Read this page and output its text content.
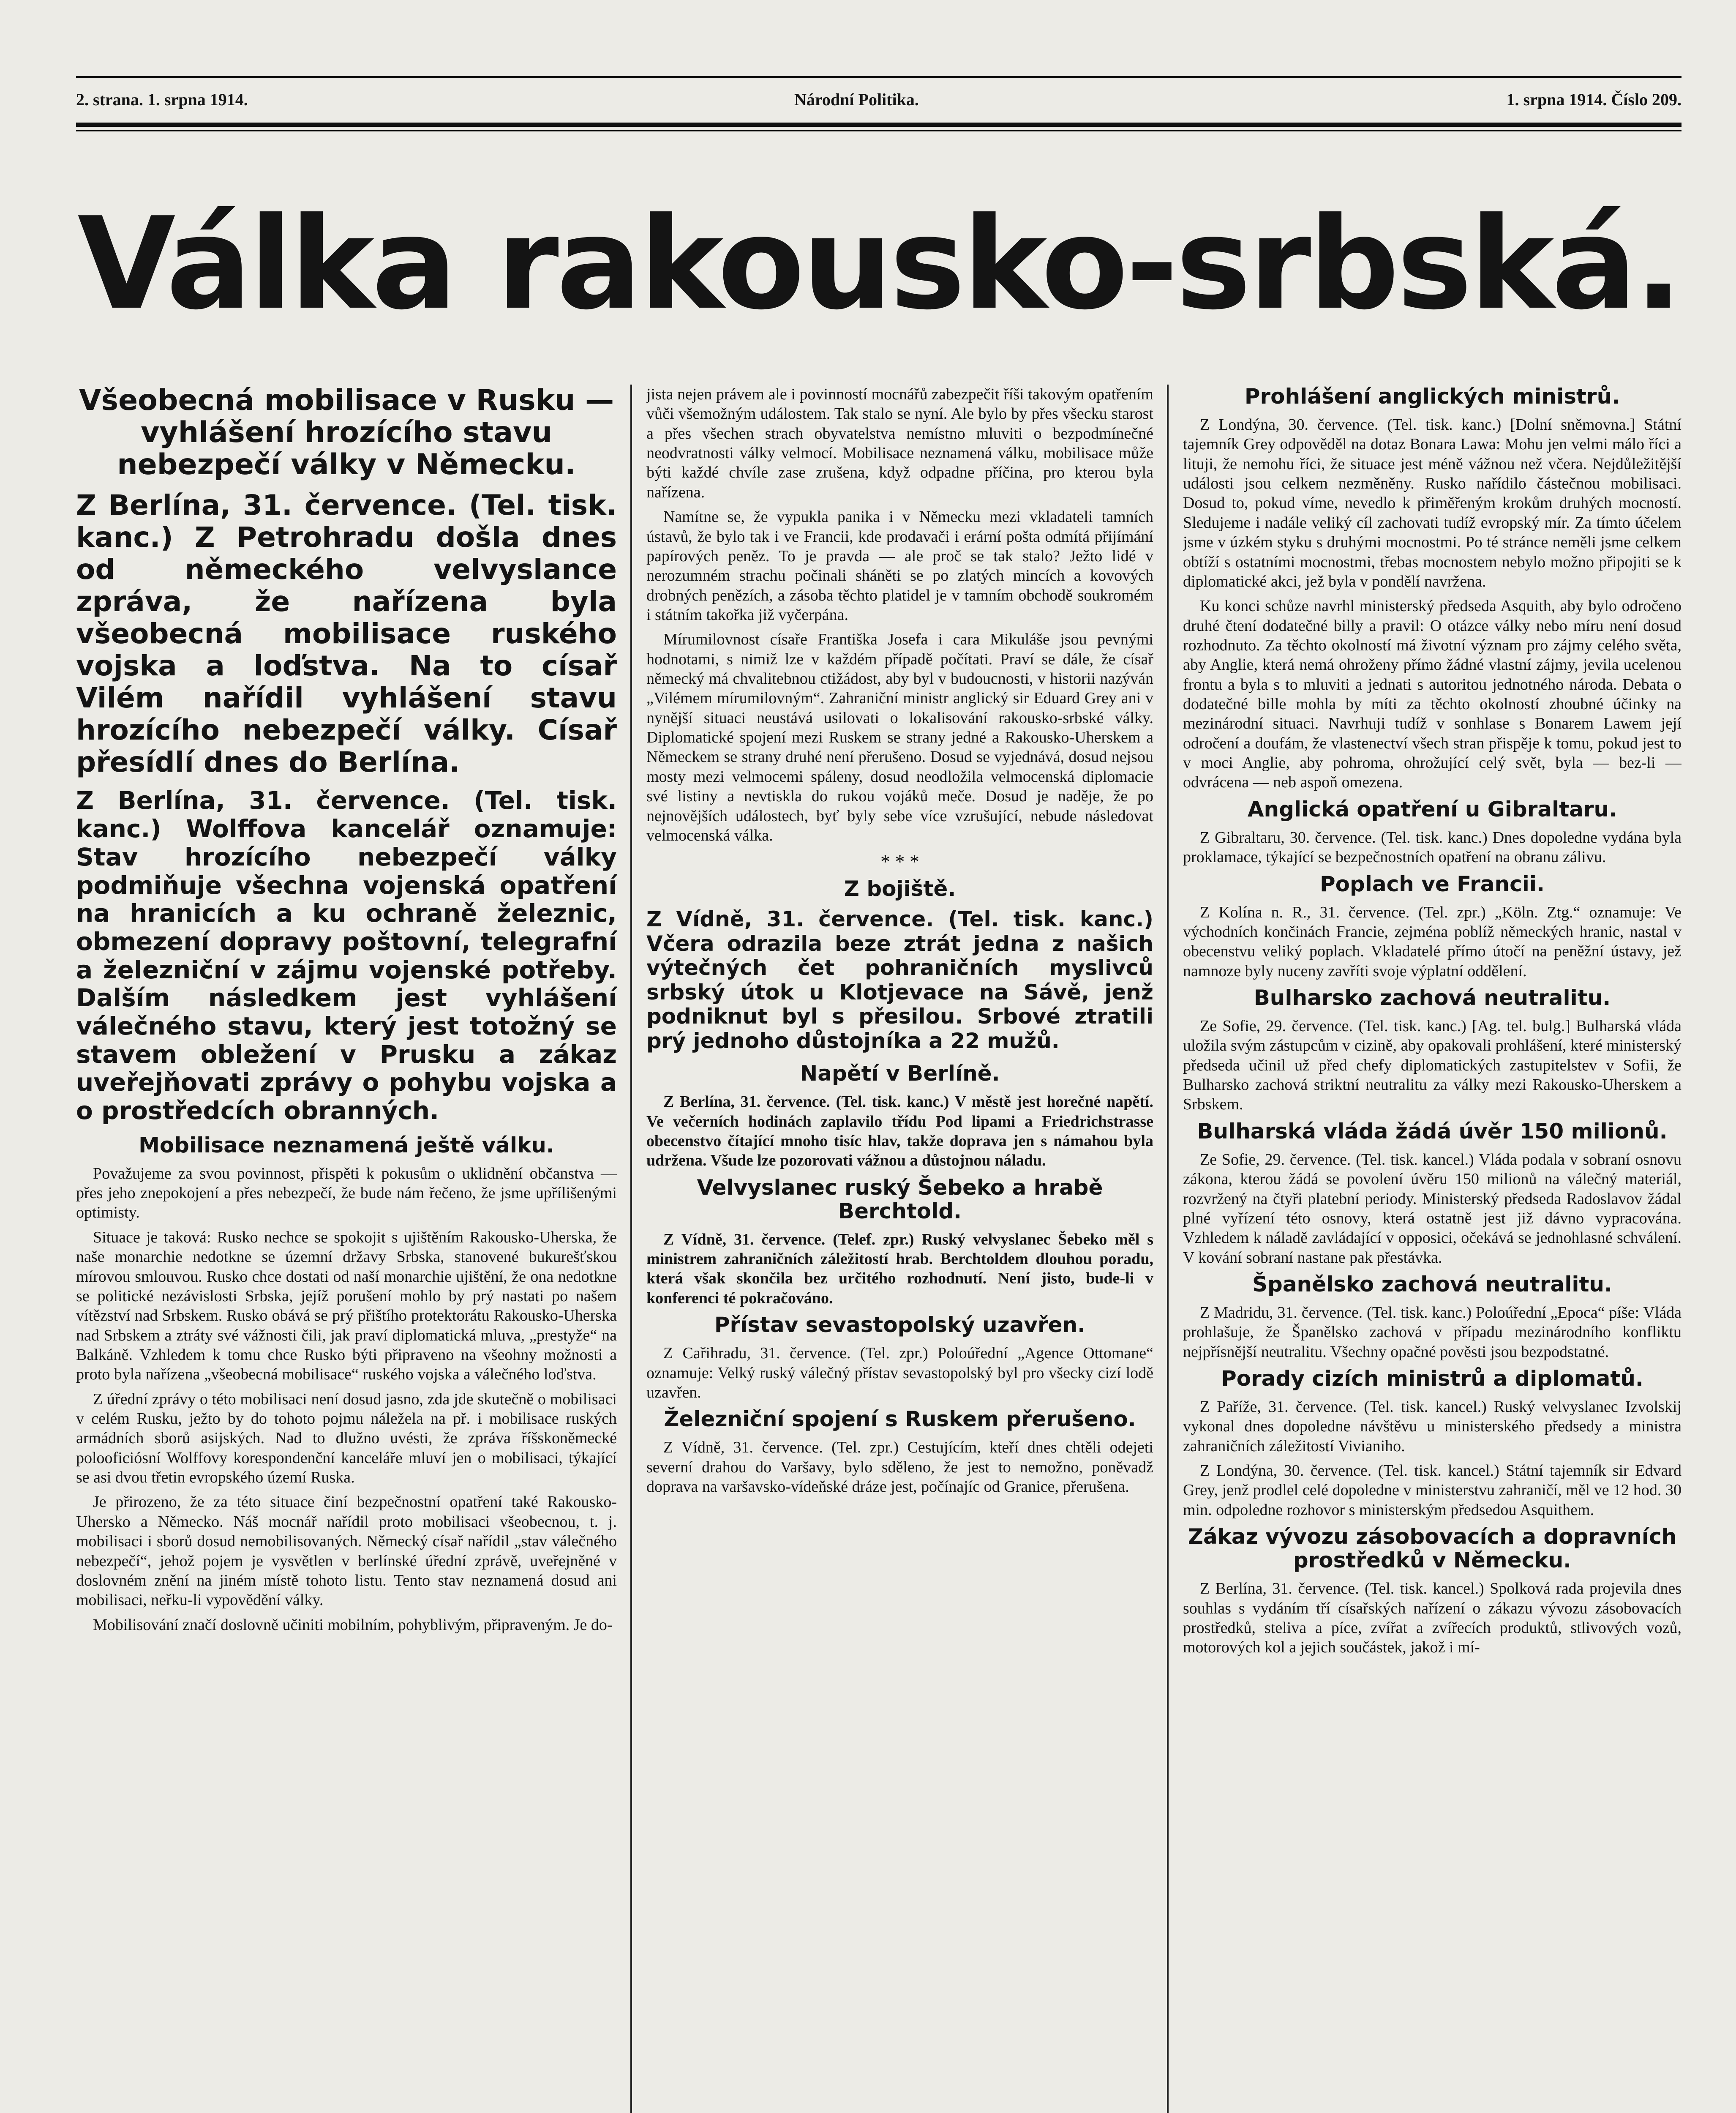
2. strana. 1. srpna 1914.	Národní Politika.	1. srpna 1914. Číslo 209.
Válka rakousko-srbská.
Všeobecná mobilisace v Rusku — vyhlášení hrozícího stavu nebezpečí války v Německu.
Z Berlína, 31. července. (Tel. tisk. kanc.) Z Petrohradu došla dnes od německého velvyslance zpráva, že nařízena byla všeobecná mobilisace ruského vojska a loďstva. Na to císař Vilém nařídil vyhlášení stavu hrozícího nebezpečí války. Císař přesídlí dnes do Berlína.
Z Berlína, 31. července. (Tel. tisk. kanc.) Wolffova kancelář oznamuje: Stav hrozícího nebezpečí války podmiňuje všechna vojenská opatření na hranicích a ku ochraně železnic, obmezení dopravy poštovní, telegrafní a železniční v zájmu vojenské potřeby. Dalším následkem jest vyhlášení válečného stavu, který jest totožný se stavem obležení v Prusku a zákaz uveřejňovati zprávy o pohybu vojska a o prostředcích obranných.
Mobilisace neznamená ještě válku.

Považujeme za svou povinnost, přispěti k pokusům o uklidnění občanstva — přes jeho znepokojení a přes nebezpečí, že bude nám řečeno, že jsme upřílišenými optimisty.

Situace je taková: Rusko nechce se spokojit s ujištěním Rakousko-Uherska, že naše monarchie nedotkne se územní državy Srbska, stanovené bukurešťskou mírovou smlouvou. Rusko chce dostati od naší monarchie ujištění, že ona nedotkne se politické nezávislosti Srbska, jejíž porušení mohlo by prý nastati po našem vítězství nad Srbskem. Rusko obává se prý přištího protektorátu Rakousko-Uherska nad Srbskem a ztráty své vážnosti čili, jak praví diplomatická mluva, „prestyže“ na Balkáně. Vzhledem k tomu chce Rusko býti připraveno na všeohny možnosti a proto byla nařízena „všeobecná mobilisace“ ruského vojska a válečného loďstva.

Z úřední zprávy o této mobilisaci není dosud jasno, zda jde skutečně o mobilisaci v celém Rusku, ježto by do tohoto pojmu náležela na př. i mobilisace ruských armádních sborů asijských. Nad to dlužno uvésti, že zpráva říšskoněmecké polooficiósní Wolffovy korespondenční kanceláře mluví jen o mobilisaci, týkající se asi dvou třetin evropského území Ruska.

Je přirozeno, že za této situace činí bezpečnostní opatření také Rakousko-Uhersko a Německo. Náš mocnář nařídil proto mobilisaci všeobecnou, t. j. mobilisaci i sborů dosud nemobilisovaných. Německý císař nařídil „stav válečného nebezpečí“, jehož pojem je vysvětlen v berlínské úřední zprávě, uveřejněné v doslovném znění na jiném místě tohoto listu. Tento stav neznamená dosud ani mobilisaci, neřku-li vypovědění války.

Mobilisování značí doslovně učiniti mobilním, pohyblivým, připraveným. Je do-

jista nejen právem ale i povinností mocnářů zabezpečit říši takovým opatřením vůči všemožným událostem. Tak stalo se nyní. Ale bylo by přes všecku starost a přes všechen strach obyvatelstva nemístno mluviti o bezpodmínečné neodvratnosti války velmocí. Mobilisace neznamená válku, mobilisace může býti každé chvíle zase zrušena, když odpadne příčina, pro kterou byla nařízena.

Namítne se, že vypukla panika i v Německu mezi vkladateli tamních ústavů, že bylo tak i ve Francii, kde prodavači i erární pošta odmítá přijímání papírových peněz. To je pravda — ale proč se tak stalo? Ježto lidé v nerozumném strachu počinali sháněti se po zlatých mincích a kovových drobných penězích, a zásoba těchto platidel je v tamním obchodě soukromém i státním takořka již vyčerpána.

Mírumilovnost císaře Františka Josefa i cara Mikuláše jsou pevnými hodnotami, s nimiž lze v každém případě počítati. Praví se dále, že císař německý má chvalitebnou ctižádost, aby byl v budoucnosti, v historii nazýván „Vilémem mírumilovným“. Zahraniční ministr anglický sir Eduard Grey ani v nynější situaci neustává usilovati o lokalisování rakousko-srbské války. Diplomatické spojení mezi Ruskem se strany jedné a Rakousko-Uherskem a Německem se strany druhé není přerušeno. Dosud se vyjednává, dosud nejsou mosty mezi velmocemi spáleny, dosud neodložila velmocenská diplomacie své listiny a nevtiskla do rukou vojáků meče. Dosud je naděje, že po nejnovějších událostech, byť byly sebe více vzrušující, nebude následovat velmocenská válka.

* * *
Z bojiště.
Z Vídně, 31. července. (Tel. tisk. kanc.) Včera odrazila beze ztrát jedna z našich výtečných čet pohraničních myslivců srbský útok u Klotjevace na Sávě, jenž podniknut byl s přesilou. Srbové ztratili prý jednoho důstojníka a 22 mužů.
Napětí v Berlíně.

Z Berlína, 31. července. (Tel. tisk. kanc.) V městě jest horečné napětí. Ve večerních hodinách zaplavilo třídu Pod lipami a Friedrichstrasse obecenstvo čítající mnoho tisíc hlav, takže doprava jen s námahou byla udržena. Všude lze pozorovati vážnou a důstojnou náladu.

Velvyslanec ruský Šebeko a hrabě Berchtold.

Z Vídně, 31. července. (Telef. zpr.) Ruský velvyslanec Šebeko měl s ministrem zahraničních záležitostí hrab. Berchtoldem dlouhou poradu, která však skončila bez určitého rozhodnutí. Není jisto, bude-li v konferenci té pokračováno.

Přístav sevastopolský uzavřen.

Z Cařihradu, 31. července. (Tel. zpr.) Poloúřední „Agence Ottomane“ oznamuje: Velký ruský válečný přístav sevastopolský byl pro všecky cizí lodě uzavřen.

Železniční spojení s Ruskem přerušeno.

Z Vídně, 31. července. (Tel. zpr.) Cestujícím, kteří dnes chtěli odejeti severní drahou do Varšavy, bylo sděleno, že jest to nemožno, poněvadž doprava na varšavsko-vídeňské dráze jest, počínajíc od Granice, přerušena.

Prohlášení anglických ministrů.

Z Londýna, 30. července. (Tel. tisk. kanc.) [Dolní sněmovna.] Státní tajemník Grey odpověděl na dotaz Bonara Lawa: Mohu jen velmi málo říci a lituji, že nemohu říci, že situace jest méně vážnou než včera. Nejdůležitější události jsou celkem nezměněny. Rusko nařídilo částečnou mobilisaci. Dosud to, pokud víme, nevedlo k přiměřeným krokům druhých mocností. Sledujeme i nadále veliký cíl zachovati tudíž evropský mír. Za tímto účelem jsme v úzkém styku s druhými mocnostmi. Po té stránce neměli jsme celkem obtíží s ostatními mocnostmi, třebas mocnostem nebylo možno připojiti se k diplomatické akci, jež byla v pondělí navržena.

Ku konci schůze navrhl ministerský předseda Asquith, aby bylo odročeno druhé čtení dodatečné billy a pravil: O otázce války nebo míru není dosud rozhodnuto. Za těchto okolností má životní význam pro zájmy celého světa, aby Anglie, která nemá ohroženy přímo žádné vlastní zájmy, jevila ucelenou frontu a byla s to mluviti a jednati s autoritou jednotného národa. Debata o dodatečné bille mohla by míti za těchto okolností zhoubné účinky na mezinárodní situaci. Navrhuji tudíž v sonhlase s Bonarem Lawem její odročení a doufám, že vlastenectví všech stran přispěje k tomu, pokud jest to v moci Anglie, aby pohroma, ohrožující celý svět, byla — bez-li — odvrácena — neb aspoň omezena.

Anglická opatření u Gibraltaru.

Z Gibraltaru, 30. července. (Tel. tisk. kanc.) Dnes dopoledne vydána byla proklamace, týkající se bezpečnostních opatření na obranu zálivu.

Poplach ve Francii.

Z Kolína n. R., 31. července. (Tel. zpr.) „Köln. Ztg.“ oznamuje: Ve východních končinách Francie, zejména poblíž německých hranic, nastal v obecenstvu veliký poplach. Vkladatelé přímo útočí na peněžní ústavy, jež namnoze byly nuceny zavříti svoje výplatní oddělení.

Bulharsko zachová neutralitu.

Ze Sofie, 29. července. (Tel. tisk. kanc.) [Ag. tel. bulg.] Bulharská vláda uložila svým zástupcům v cizině, aby opakovali prohlášení, které ministerský předseda učinil už před chefy diplomatických zastupitelstev v Sofii, že Bulharsko zachová striktní neutralitu za války mezi Rakousko-Uherskem a Srbskem.

Bulharská vláda žádá úvěr 150 milionů.

Ze Sofie, 29. července. (Tel. tisk. kancel.) Vláda podala v sobraní osnovu zákona, kterou žádá se povolení úvěru 150 milionů na válečný materiál, rozvržený na čtyři platební periody. Ministerský předseda Radoslavov žádal plné vyřízení této osnovy, která ostatně jest již dávno vypracována. Vzhledem k náladě zavládající v opposici, očekává se jednohlasné schválení. V kování sobraní nastane pak přestávka.

Španělsko zachová neutralitu.

Z Madridu, 31. července. (Tel. tisk. kanc.) Poloúřední „Epoca“ píše: Vláda prohlašuje, že Španělsko zachová v případu mezinárodního konfliktu nejpřísnější neutralitu. Všechny opačné pověsti jsou bezpodstatné.

Porady cizích ministrů a diplomatů.

Z Paříže, 31. července. (Tel. tisk. kancel.) Ruský velvyslanec Izvolskij vykonal dnes dopoledne návštěvu u ministerského předsedy a ministra zahraničních záležitostí Vivianiho.

Z Londýna, 30. července. (Tel. tisk. kancel.) Státní tajemník sir Edvard Grey, jenž prodlel celé dopoledne v ministerstvu zahraničí, měl ve 12 hod. 30 min. odpoledne rozhovor s ministerským předsedou Asquithem.

Zákaz vývozu zásobovacích a dopravních prostředků v Německu.

Z Berlína, 31. července. (Tel. tisk. kancel.) Spolková rada projevila dnes souhlas s vydáním tří císařských nařízení o zákazu vývozu zásobovacích prostředků, steliva a píce, zvířat a zvířecích produktů, stlivových vozů, motorových kol a jejich součástek, jakož i mí-
